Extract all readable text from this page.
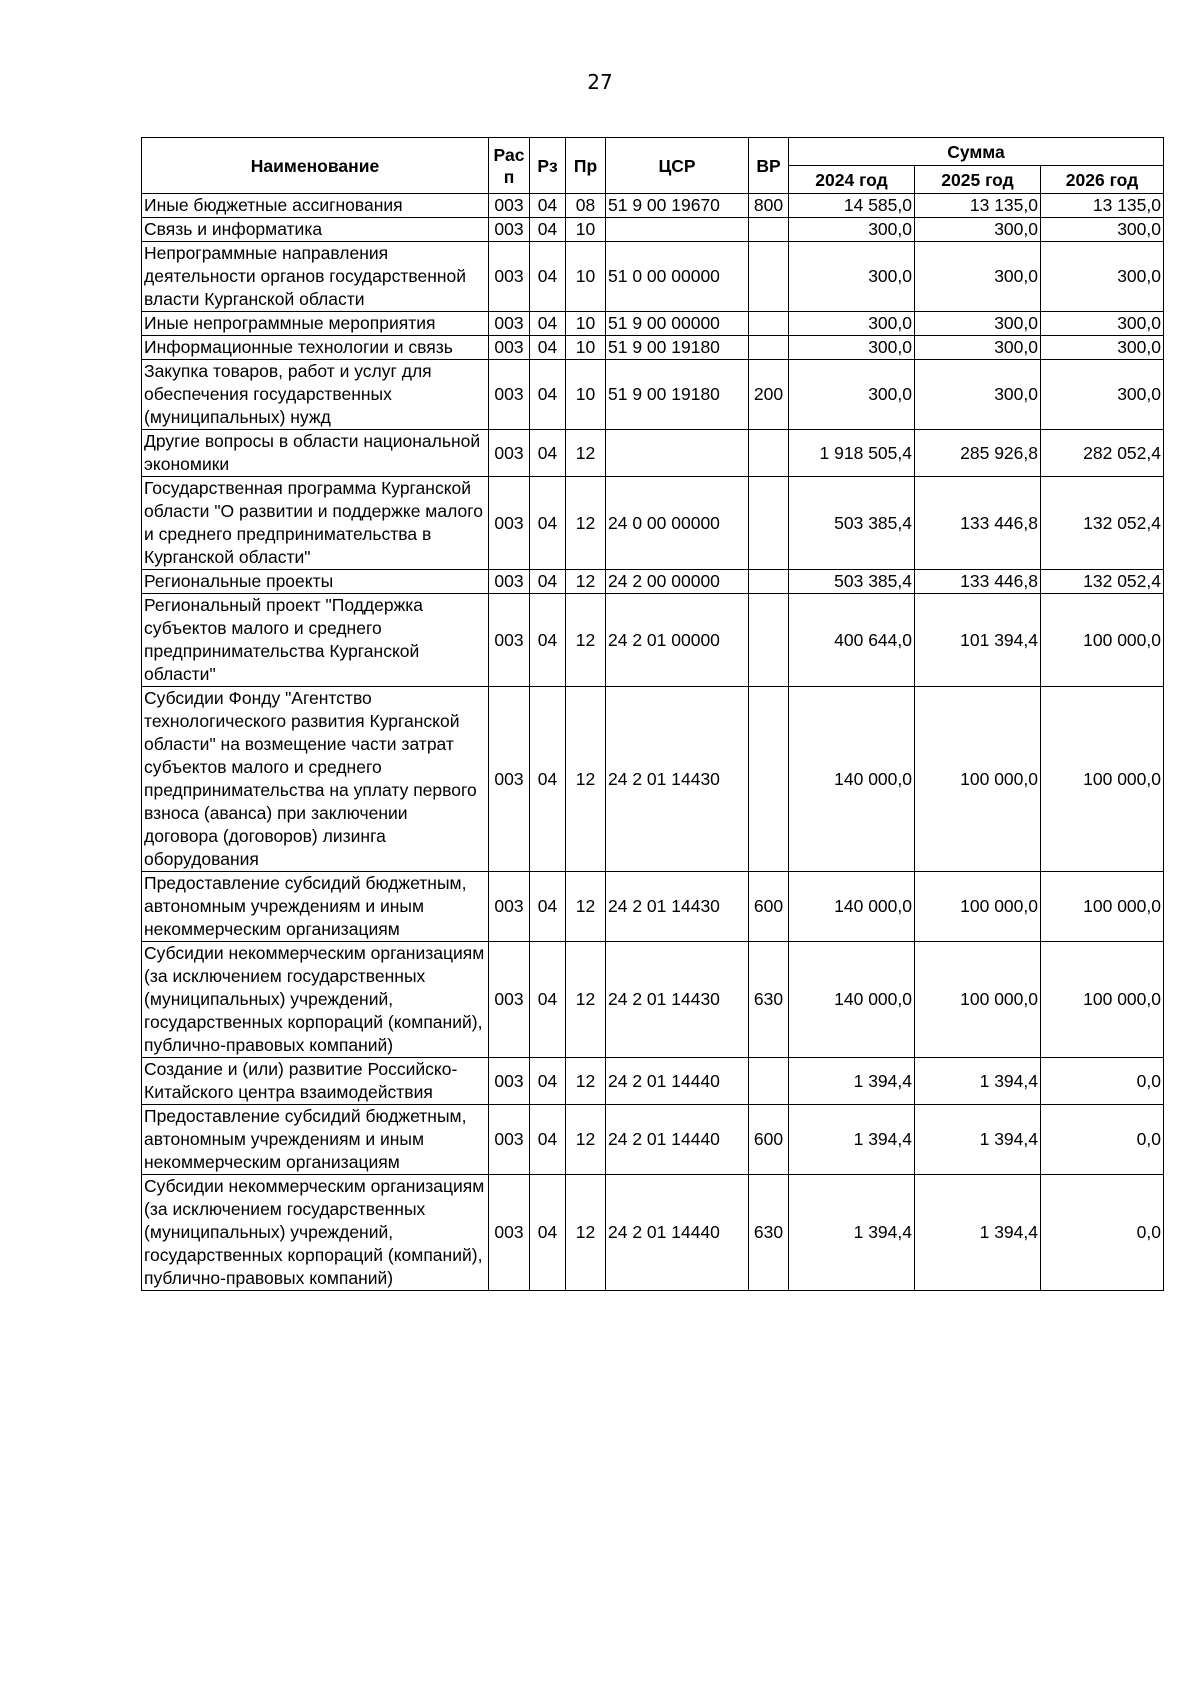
27
Наименование	Рас п	Рз	Пр	ЦСР	ВР	Сумма		
						2024 год	2025 год	2026 год
Иные бюджетные ассигнования	003	04	08	51 9 00 19670	800	14 585,0	13 135,0	13 135,0
Связь и информатика	003	04	10			300,0	300,0	300,0
Непрограммные направления деятельности органов государственной власти Курганской области	003	04	10	51 0 00 00000		300,0	300,0	300,0
Иные непрограммные мероприятия	003	04	10	51 9 00 00000		300,0	300,0	300,0
Информационные технологии и связь	003	04	10	51 9 00 19180		300,0	300,0	300,0
Закупка товаров, работ и услуг для обеспечения государственных (муниципальных) нужд	003	04	10	51 9 00 19180	200	300,0	300,0	300,0
Другие вопросы в области национальной экономики	003	04	12			1 918 505,4	285 926,8	282 052,4
Государственная программа Курганской области "О развитии и поддержке малого и среднего предпринимательства в Курганской области"	003	04	12	24 0 00 00000		503 385,4	133 446,8	132 052,4
Региональные проекты	003	04	12	24 2 00 00000		503 385,4	133 446,8	132 052,4
Региональный проект "Поддержка субъектов малого и среднего предпринимательства Курганской области"	003	04	12	24 2 01 00000		400 644,0	101 394,4	100 000,0
Субсидии Фонду "Агентство технологического развития Курганской области" на возмещение части затрат субъектов малого и среднего предпринимательства на уплату первого взноса (аванса) при заключении договора (договоров) лизинга оборудования	003	04	12	24 2 01 14430		140 000,0	100 000,0	100 000,0
Предоставление субсидий бюджетным, автономным учреждениям и иным некоммерческим организациям	003	04	12	24 2 01 14430	600	140 000,0	100 000,0	100 000,0
Субсидии некоммерческим организациям (за исключением государственных (муниципальных) учреждений, государственных корпораций (компаний), публично-правовых компаний)	003	04	12	24 2 01 14430	630	140 000,0	100 000,0	100 000,0
Создание и (или) развитие Российско-Китайского центра взаимодействия	003	04	12	24 2 01 14440		1 394,4	1 394,4	0,0
Предоставление субсидий бюджетным, автономным учреждениям и иным некоммерческим организациям	003	04	12	24 2 01 14440	600	1 394,4	1 394,4	0,0
Субсидии некоммерческим организациям (за исключением государственных (муниципальных) учреждений, государственных корпораций (компаний), публично-правовых компаний)	003	04	12	24 2 01 14440	630	1 394,4	1 394,4	0,0
